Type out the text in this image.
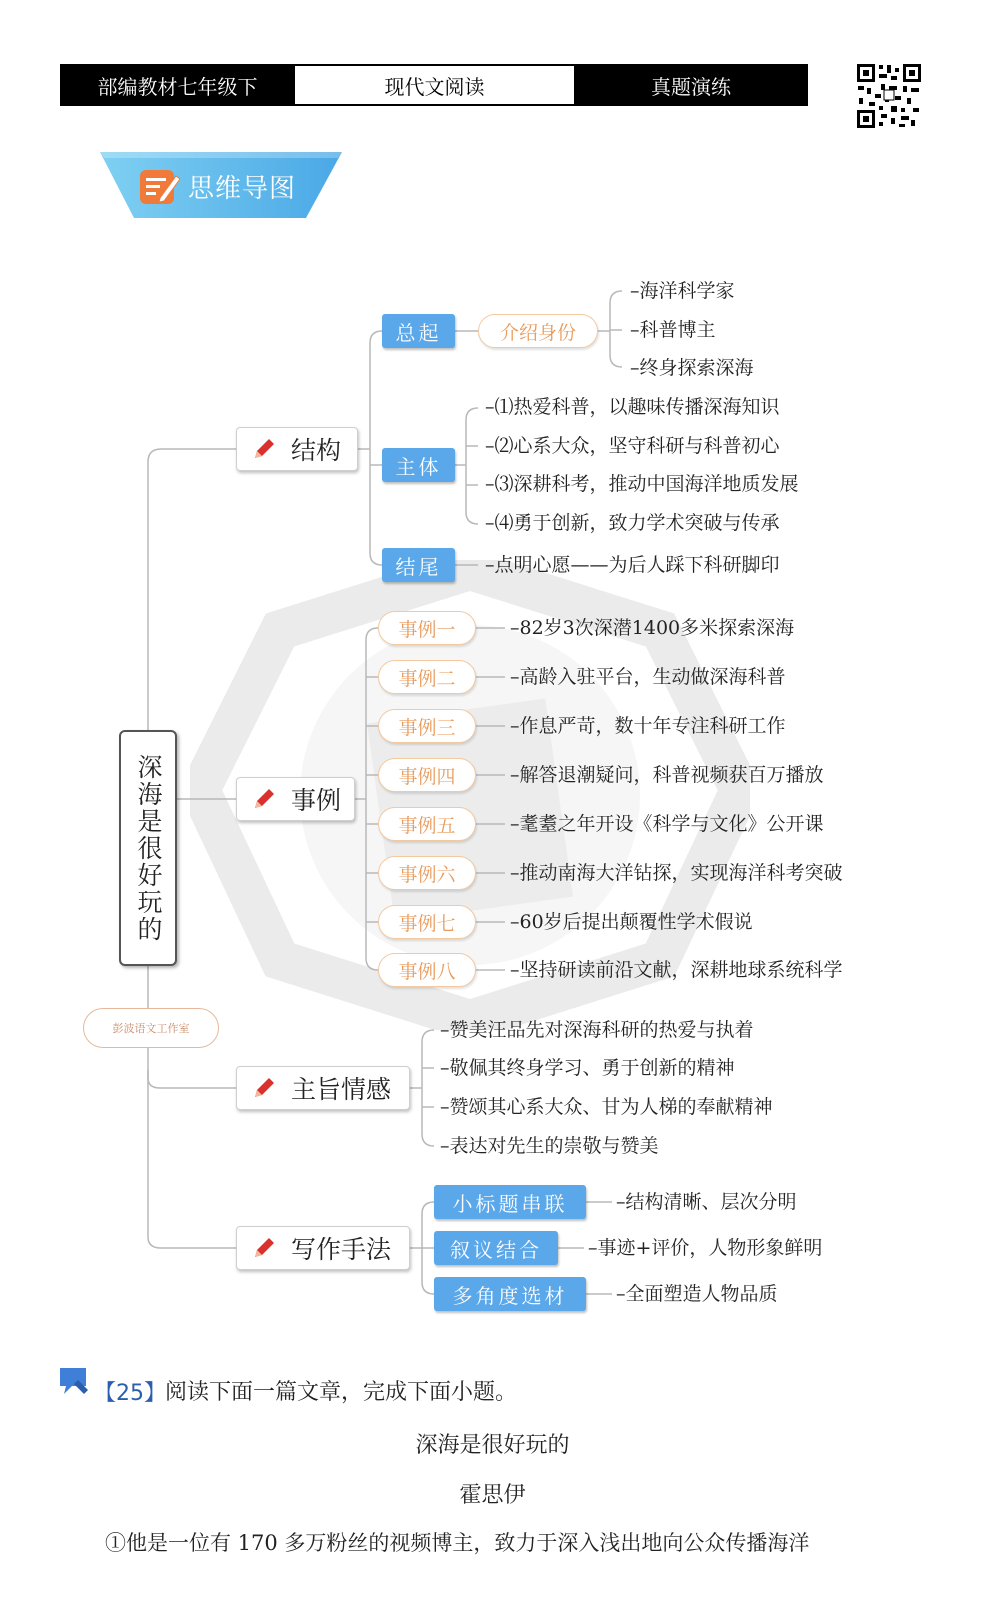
部编教材七年级下	现代文阅读	真题演练
思维导图
深海是很好玩的
彭波语文工作室
结构
总起	介绍身份
–海洋科学家
–科普博主
–终身探索深海
主体
–⑴热爱科普，以趣味传播深海知识
–⑵心系大众，坚守科研与科普初心
–⑶深耕科考，推动中国海洋地质发展
–⑷勇于创新，致力学术突破与传承
结尾	–点明心愿——为后人踩下科研脚印
事例
事例一	–82岁3次深潜1400多米探索深海
事例二	–高龄入驻平台，生动做深海科普
事例三	–作息严苛，数十年专注科研工作
事例四	–解答退潮疑问，科普视频获百万播放
事例五	–耄耋之年开设《科学与文化》公开课
事例六	–推动南海大洋钻探，实现海洋科考突破
事例七	–60岁后提出颠覆性学术假说
事例八	–坚持研读前沿文献，深耕地球系统科学
主旨情感
–赞美汪品先对深海科研的热爱与执着
–敬佩其终身学习、勇于创新的精神
–赞颂其心系大众、甘为人梯的奉献精神
–表达对先生的崇敬与赞美
写作手法
小标题串联	–结构清晰、层次分明
叙议结合	–事迹+评价，人物形象鲜明
多角度选材	–全面塑造人物品质
【25】 阅读下面一篇文章，完成下面小题。
深海是很好玩的
霍思伊
①他是一位有 170 多万粉丝的视频博主，致力于深入浅出地向公众传播海洋
